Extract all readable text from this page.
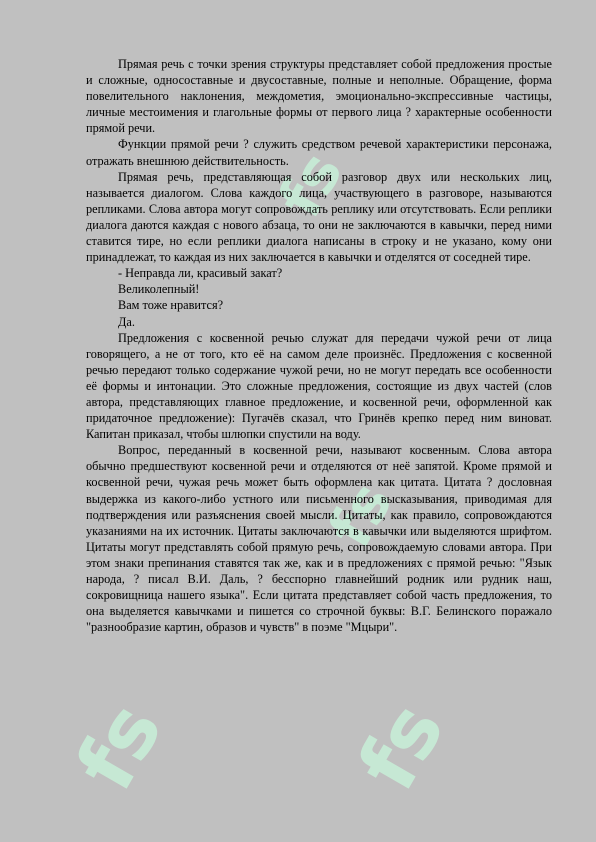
fs fs
fs
fs

Прямая речь с точки зрения структуры представляет собой предложения простые и сложные, односоставные и двусоставные, полные и неполные. Обращение, форма повелительного наклонения, междометия, эмоционально-экспрессивные частицы, личные местоимения и глагольные формы от первого лица ? характерные особенности прямой речи.

Функции прямой речи ? служить средством речевой характеристики персонажа, отражать внешнюю действительность.

Прямая речь, представляющая собой разговор двух или нескольких лиц, называется диалогом. Слова каждого лица, участвующего в разговоре, называются репликами. Слова автора могут сопровождать реплику или отсутствовать. Если реплики диалога даются каждая с нового абзаца, то они не заключаются в кавычки, перед ними ставится тире, но если реплики диалога написаны в строку и не указано, кому они принадлежат, то каждая из них заключается в кавычки и отделятся от соседней тире.

- Неправда ли, красивый закат?

Великолепный!

Вам тоже нравится?

Да.

Предложения с косвенной речью служат для передачи чужой речи от лица говорящего, а не от того, кто её на самом деле произнёс. Предложения с косвенной речью передают только содержание чужой речи, но не могут передать все особенности её формы и интонации. Это сложные предложения, состоящие из двух частей (слов автора, представляющих главное предложение, и косвенной речи, оформленной как придаточное предложение): Пугачёв сказал, что Гринёв крепко перед ним виноват. Капитан приказал, чтобы шлюпки спустили на воду.

Вопрос, переданный в косвенной речи, называют косвенным. Слова автора обычно предшествуют косвенной речи и отделяются от неё запятой. Кроме прямой и косвенной речи, чужая речь может быть оформлена как цитата. Цитата ? дословная выдержка из какого-либо устного или письменного высказывания, приводимая для подтверждения или разъяснения своей мысли. Цитаты, как правило, сопровождаются указаниями на их источник. Цитаты заключаются в кавычки или выделяются шрифтом. Цитаты могут представлять собой прямую речь, сопровождаемую словами автора. При этом знаки препинания ставятся так же, как и в предложениях с прямой речью: "Язык народа, ? писал В.И. Даль, ? бесспорно главнейший родник или рудник наш, сокровищница нашего языка". Если цитата представляет собой часть предложения, то она выделяется кавычками и пишется со строчной буквы: В.Г. Белинского поражало "разнообразие картин, образов и чувств" в поэме "Мцыри".
